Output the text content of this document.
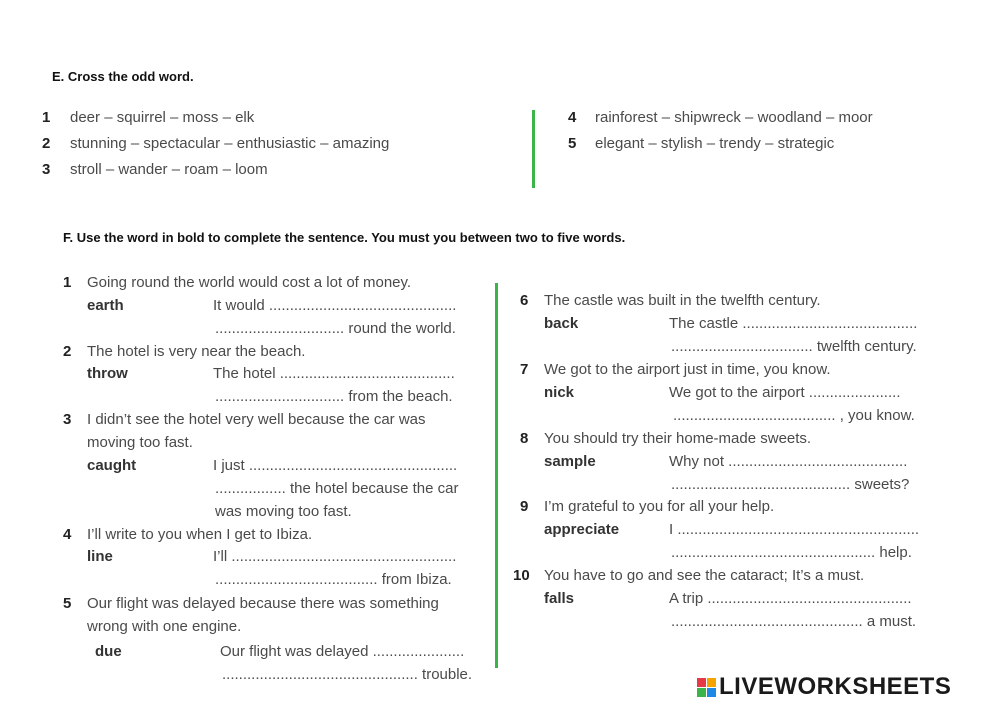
E. Cross the odd word.
1 deer – squirrel – moss – elk
2 stunning – spectacular – enthusiastic – amazing
3 stroll – wander – roam – loom
4 rainforest – shipwreck – woodland – moor
5 elegant – stylish – trendy – strategic
F. Use the word in bold to complete the sentence. You must you between two to five words.
1 Going round the world would cost a lot of money.
earth	It would .............................................
............................... round the world.
2 The hotel is very near the beach.
throw	The hotel ..........................................
............................... from the beach.
3 I didn’t see the hotel very well because the car was
moving too fast.
caught	I just ..................................................
................. the hotel because the car
was moving too fast.
4 I’ll write to you when I get to Ibiza.
line	I’ll ......................................................
....................................... from Ibiza.
5 Our flight was delayed because there was something
wrong with one engine.
due	Our flight was delayed ......................
............................................... trouble.
6 The castle was built in the twelfth century.
back	The castle ..........................................
.................................. twelfth century.
7 We got to the airport just in time, you know.
nick	We got to the airport ......................
....................................... , you know.
8 You should try their home-made sweets.
sample	Why not ...........................................
........................................... sweets?
9 I’m grateful to you for all your help.
appreciate	I ..........................................................
................................................. help.
10 You have to go and see the cataract; It’s a must.
falls	A trip .................................................
.............................................. a must.
LIVEWORKSHEETS
